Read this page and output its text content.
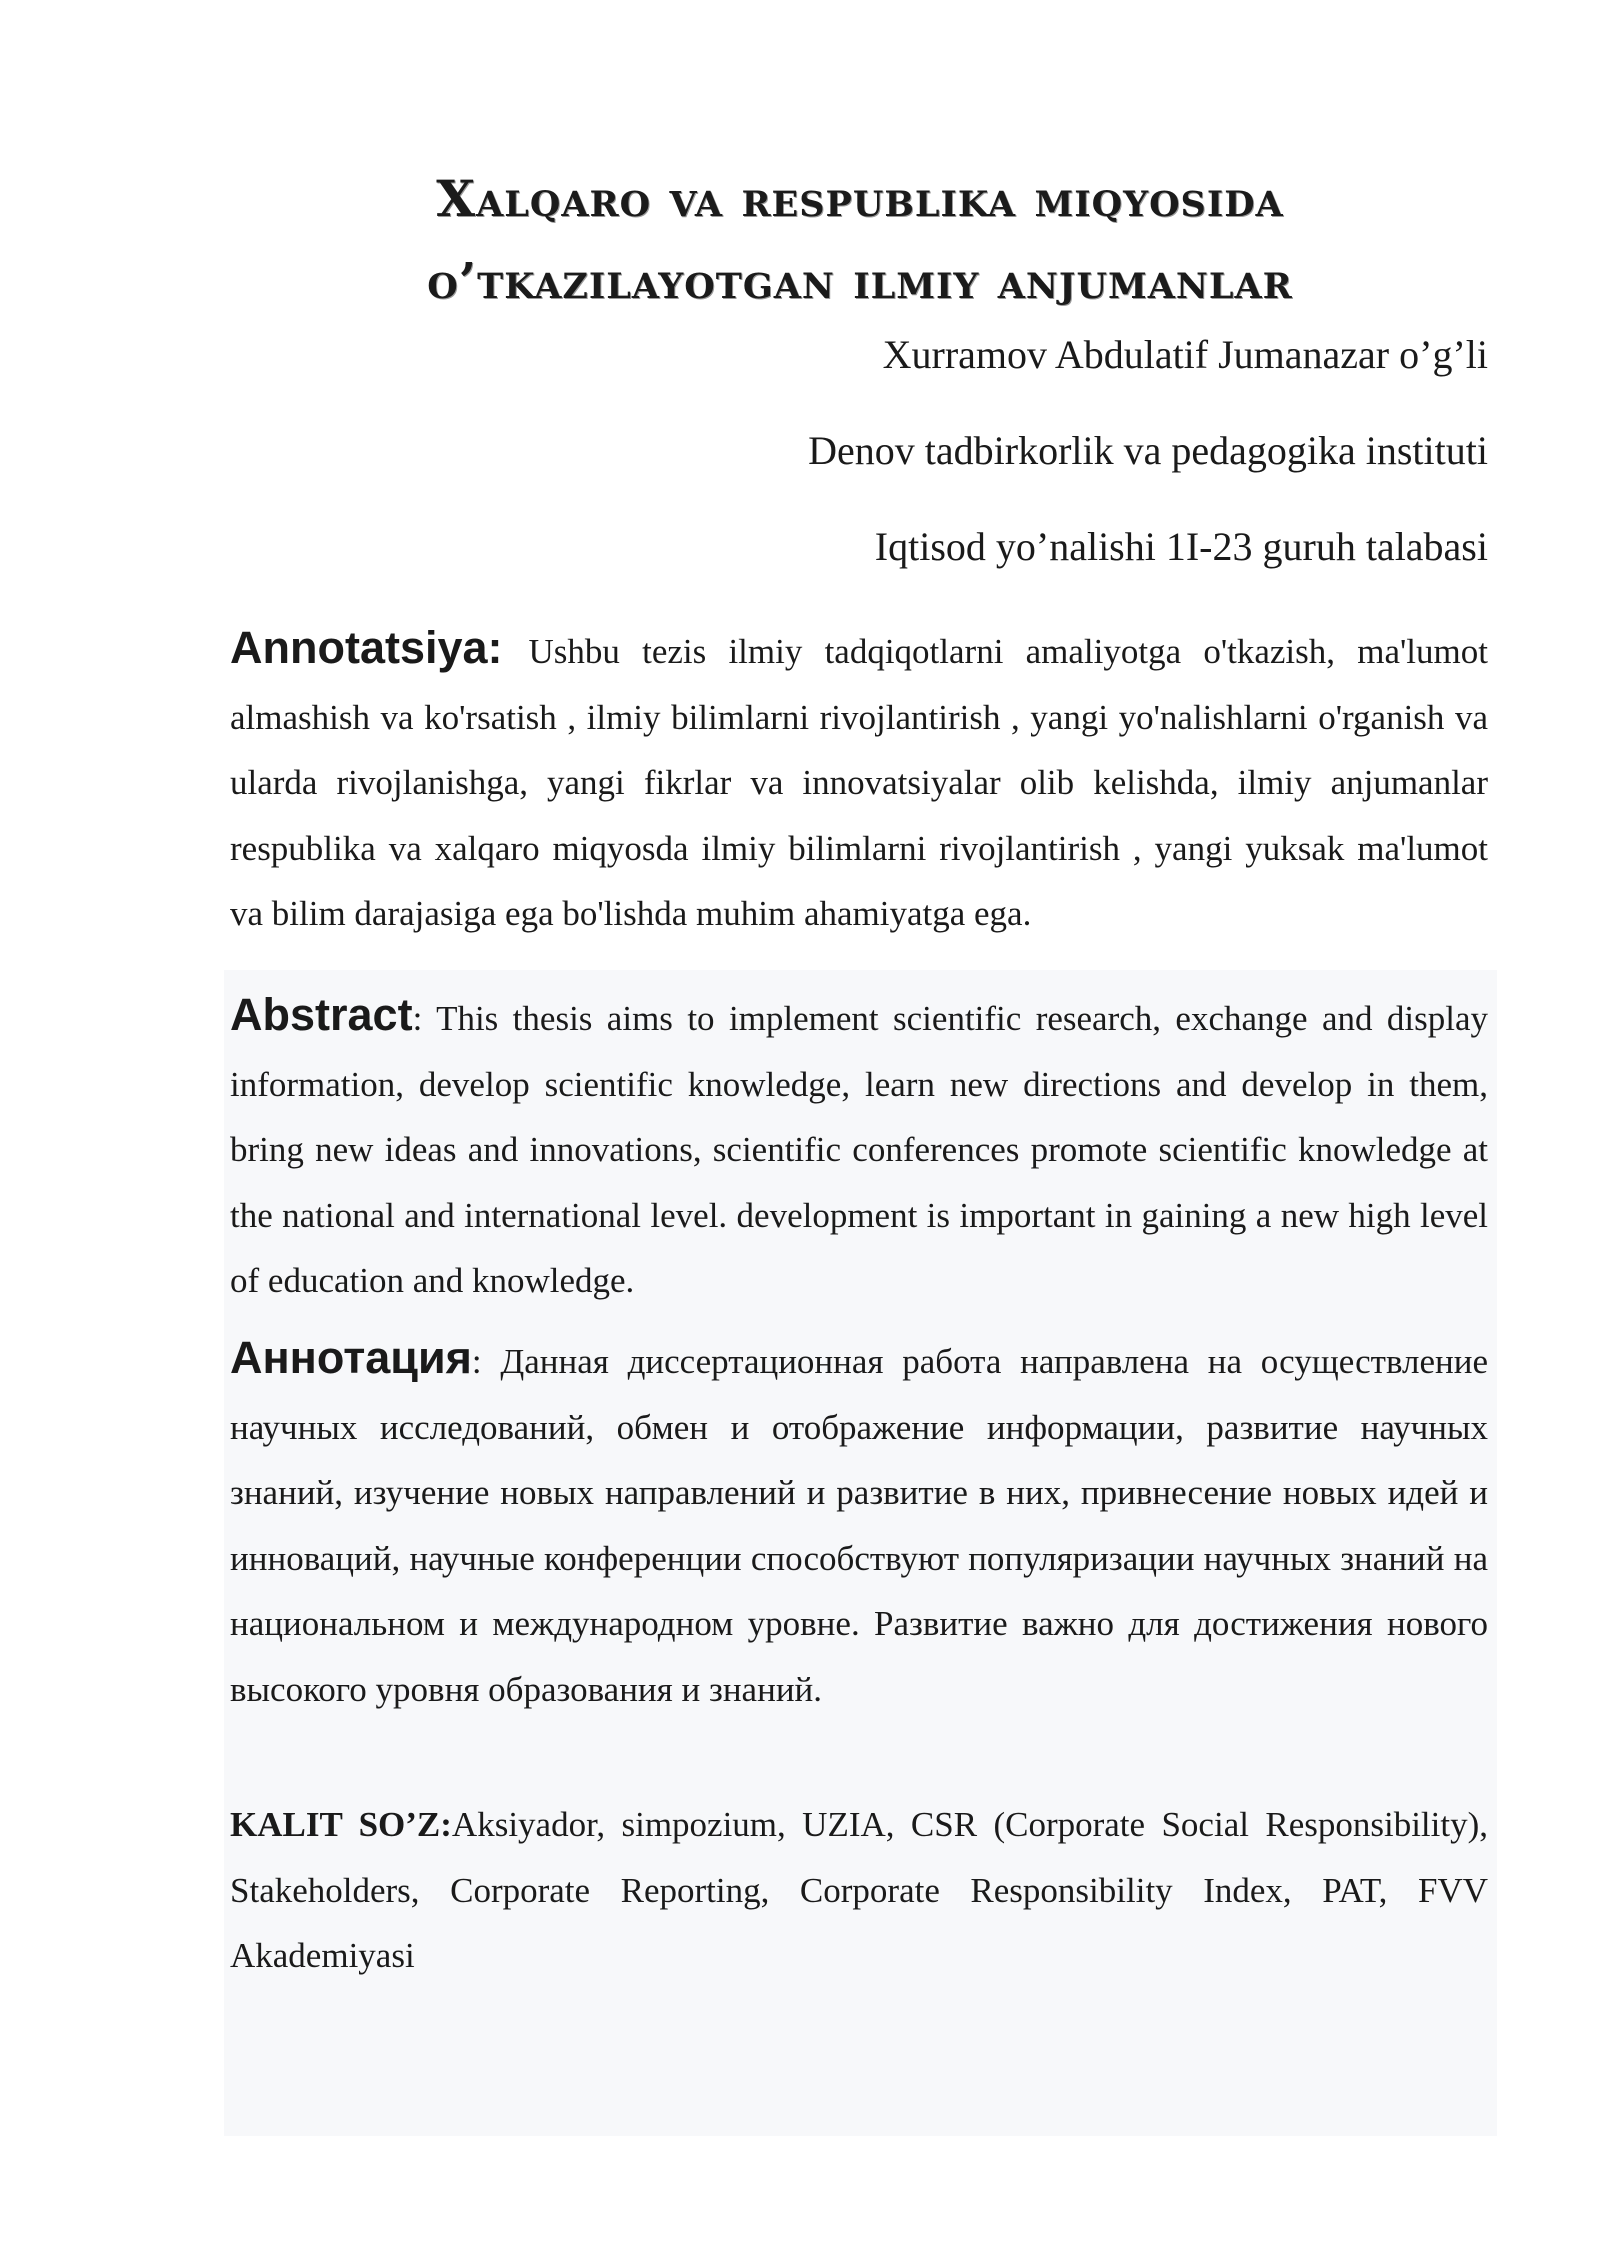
Xalqaro va respublika miqyosida
o’tkazilayotgan ilmiy anjumanlar
Xurramov Abdulatif Jumanazar o’g’li
Denov tadbirkorlik va pedagogika instituti
Iqtisod yo’nalishi 1I-23 guruh talabasi
Annotatsiya: Ushbu tezis ilmiy tadqiqotlarni amaliyotga o'tkazish, ma'lumot almashish va ko'rsatish , ilmiy bilimlarni rivojlantirish , yangi yo'nalishlarni o'rganish va ularda rivojlanishga, yangi fikrlar va innovatsiyalar olib kelishda, ilmiy anjumanlar respublika va xalqaro miqyosda ilmiy bilimlarni rivojlantirish , yangi yuksak ma'lumot va bilim darajasiga ega bo'lishda muhim ahamiyatga ega.
Abstract: This thesis aims to implement scientific research, exchange and display information, develop scientific knowledge, learn new directions and develop in them, bring new ideas and innovations, scientific conferences promote scientific knowledge at the national and international level. development is important in gaining a new high level of education and knowledge.
Аннотация: Данная диссертационная работа направлена на осуществление научных исследований, обмен и отображение информации, развитие научных знаний, изучение новых направлений и развитие в них, привнесение новых идей и инноваций, научные конференции способствуют популяризации научных знаний на национальном и международном уровне. Развитие важно для достижения нового высокого уровня образования и знаний.
KALIT SO’Z:Aksiyador, simpozium, UZIA, CSR (Corporate Social Responsibility), Stakeholders, Corporate Reporting, Corporate Responsibility Index, PAT, FVV Akademiyasi
